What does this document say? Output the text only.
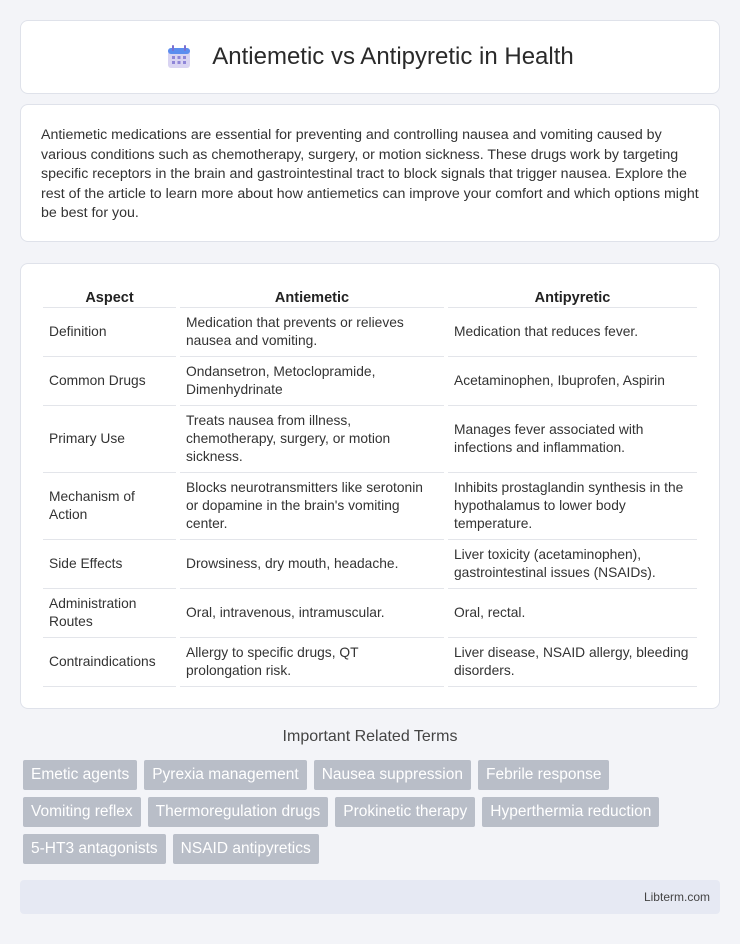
Antiemetic vs Antipyretic in Health

Antiemetic medications are essential for preventing and controlling nausea and vomiting caused by various conditions such as chemotherapy, surgery, or motion sickness. These drugs work by targeting specific receptors in the brain and gastrointestinal tract to block signals that trigger nausea. Explore the rest of the article to learn more about how antiemetics can improve your comfort and which options might be best for you.

Aspect	Antiemetic	Antipyretic
Definition	Medication that prevents or relieves nausea and vomiting.	Medication that reduces fever.
Common Drugs	Ondansetron, Metoclopramide, Dimenhydrinate	Acetaminophen, Ibuprofen, Aspirin
Primary Use	Treats nausea from illness, chemotherapy, surgery, or motion sickness.	Manages fever associated with infections and inflammation.
Mechanism of Action	Blocks neurotransmitters like serotonin or dopamine in the brain's vomiting center.	Inhibits prostaglandin synthesis in the hypothalamus to lower body temperature.
Side Effects	Drowsiness, dry mouth, headache.	Liver toxicity (acetaminophen), gastrointestinal issues (NSAIDs).
Administration Routes	Oral, intravenous, intramuscular.	Oral, rectal.
Contraindications	Allergy to specific drugs, QT prolongation risk.	Liver disease, NSAID allergy, bleeding disorders.
Important Related Terms
Emetic agents	Pyrexia management	Nausea suppression	Febrile response
Vomiting reflex	Thermoregulation drugs	Prokinetic therapy	Hyperthermia reduction
5-HT3 antagonists	NSAID antipyretics
Libterm.com
